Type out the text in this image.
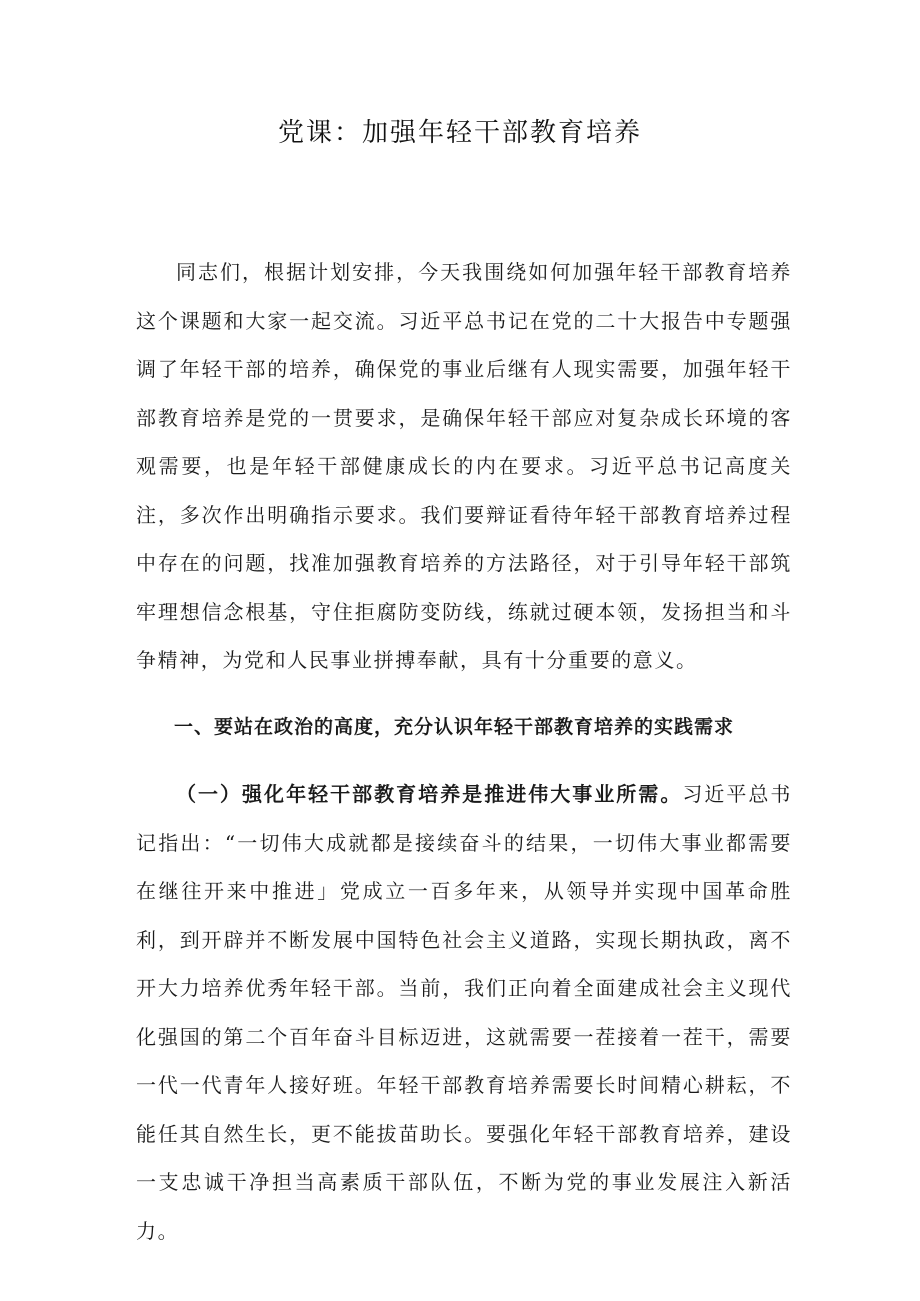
党课：加强年轻干部教育培养

同志们，根据计划安排，今天我围绕如何加强年轻干部教育培养这个课题和大家一起交流。习近平总书记在党的二十大报告中专题强调了年轻干部的培养，确保党的事业后继有人现实需要，加强年轻干部教育培养是党的一贯要求，是确保年轻干部应对复杂成长环境的客观需要，也是年轻干部健康成长的内在要求。习近平总书记高度关注，多次作出明确指示要求。我们要辩证看待年轻干部教育培养过程中存在的问题，找准加强教育培养的方法路径，对于引导年轻干部筑牢理想信念根基，守住拒腐防变防线，练就过硬本领，发扬担当和斗争精神，为党和人民事业拼搏奉献，具有十分重要的意义。

一、要站在政治的高度，充分认识年轻干部教育培养的实践需求

（一）强化年轻干部教育培养是推进伟大事业所需。习近平总书记指出：“一切伟大成就都是接续奋斗的结果，一切伟大事业都需要在继往开来中推进」党成立一百多年来，从领导并实现中国革命胜利，到开辟并不断发展中国特色社会主义道路，实现长期执政，离不开大力培养优秀年轻干部。当前，我们正向着全面建成社会主义现代化强国的第二个百年奋斗目标迈进，这就需要一茬接着一茬干，需要一代一代青年人接好班。年轻干部教育培养需要长时间精心耕耘，不能任其自然生长，更不能拔苗助长。要强化年轻干部教育培养，建设一支忠诚干净担当高素质干部队伍，不断为党的事业发展注入新活力。
